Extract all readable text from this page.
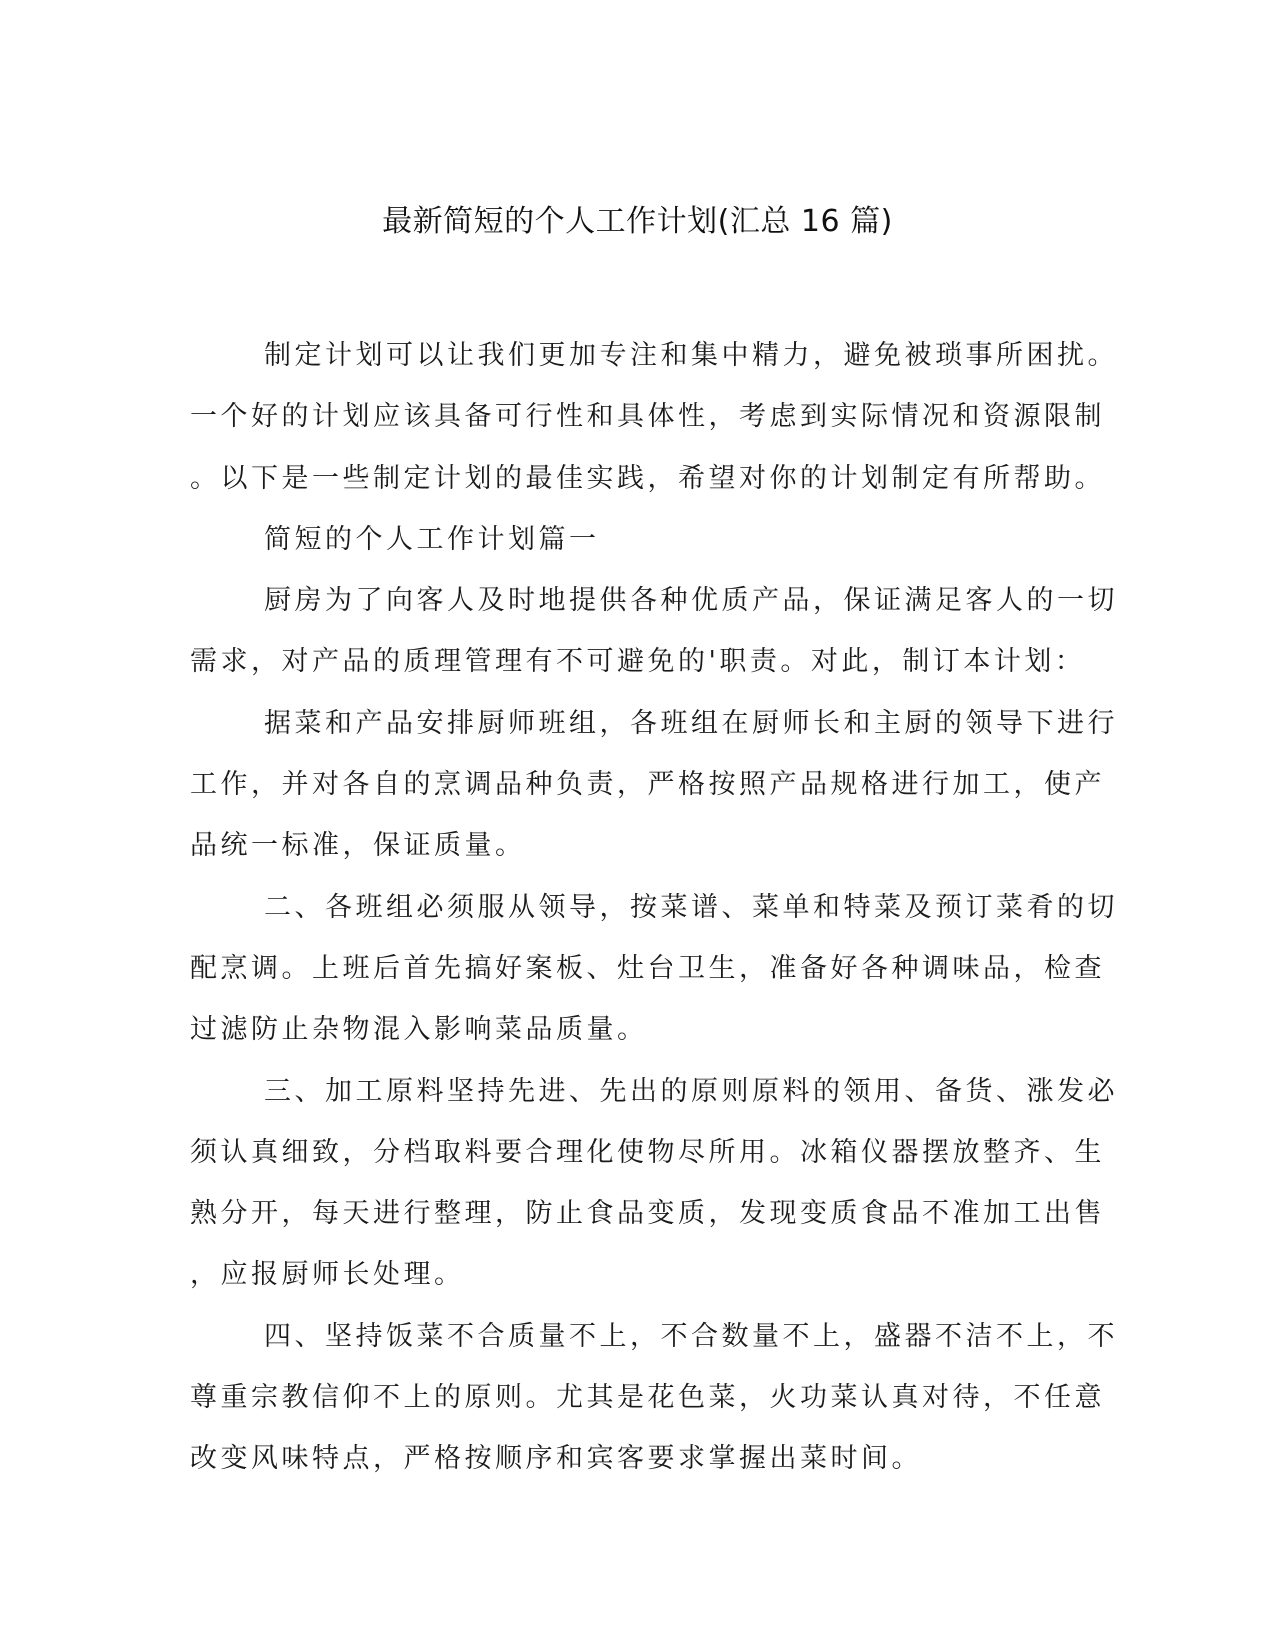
最新简短的个人工作计划(汇总 16 篇)
制定计划可以让我们更加专注和集中精力，避免被琐事所困扰。
一个好的计划应该具备可行性和具体性，考虑到实际情况和资源限制
。以下是一些制定计划的最佳实践，希望对你的计划制定有所帮助。
简短的个人工作计划篇一
厨房为了向客人及时地提供各种优质产品，保证满足客人的一切
需求，对产品的质理管理有不可避免的'职责。对此，制订本计划：
据菜和产品安排厨师班组，各班组在厨师长和主厨的领导下进行
工作，并对各自的烹调品种负责，严格按照产品规格进行加工，使产
品统一标准，保证质量。
二、各班组必须服从领导，按菜谱、菜单和特菜及预订菜肴的切
配烹调。上班后首先搞好案板、灶台卫生，准备好各种调味品，检查
过滤防止杂物混入影响菜品质量。
三、加工原料坚持先进、先出的原则原料的领用、备货、涨发必
须认真细致，分档取料要合理化使物尽所用。冰箱仪器摆放整齐、生
熟分开，每天进行整理，防止食品变质，发现变质食品不准加工出售
，应报厨师长处理。
四、坚持饭菜不合质量不上，不合数量不上，盛器不洁不上，不
尊重宗教信仰不上的原则。尤其是花色菜，火功菜认真对待，不任意
改变风味特点，严格按顺序和宾客要求掌握出菜时间。
